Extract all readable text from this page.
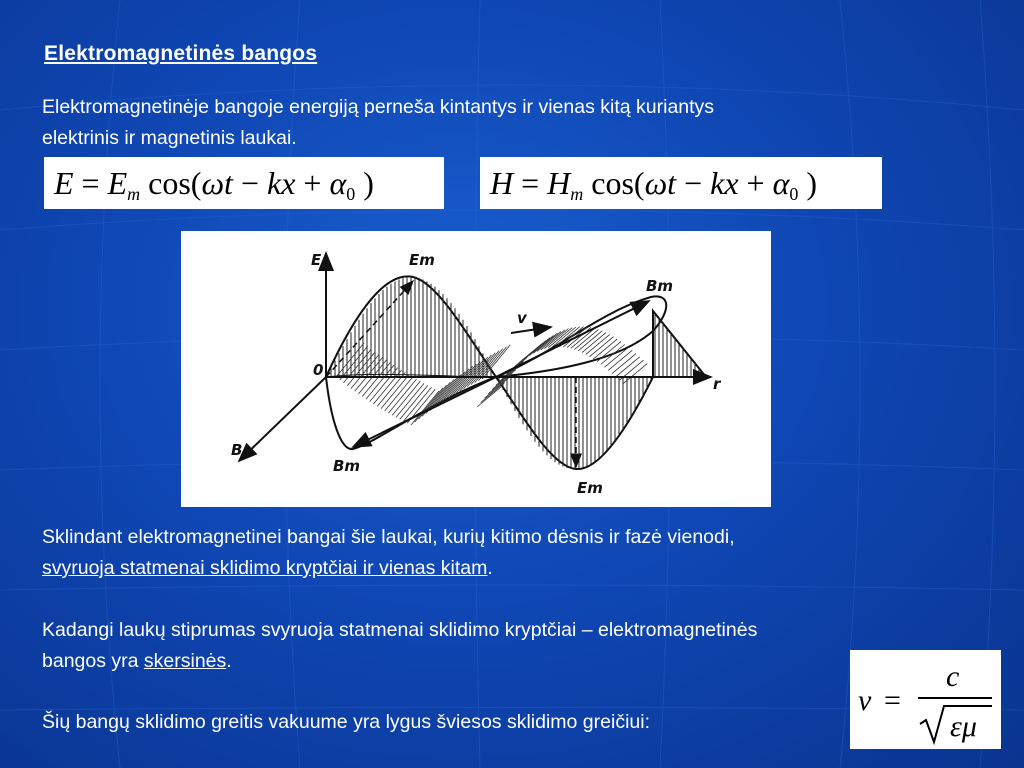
Elektromagnetinės bangos
Elektromagnetinėje bangoje energiją perneša kintantys ir vienas kitą kuriantys
elektrinis ir magnetinis laukai.
$E = E_m$ cos(ωt − kx + $\alpha_0$ )	$H = H_m$ cos(ωt − kx + $\alpha_0$ )
E	Em
Bm
v
0
r
B
Bm
Em
Sklindant elektromagnetinei bangai šie laukai, kurių kitimo dėsnis ir fazė vienodi,
svyruoja statmenai sklidimo kryptčiai ir vienas kitam.
Kadangi laukų stiprumas svyruoja statmenai sklidimo kryptčiai – elektromagnetinės
bangos yra skersinės.
Šių bangų sklidimo greitis vakuume yra lygus šviesos sklidimo greičiui:
v =
c
εμ
